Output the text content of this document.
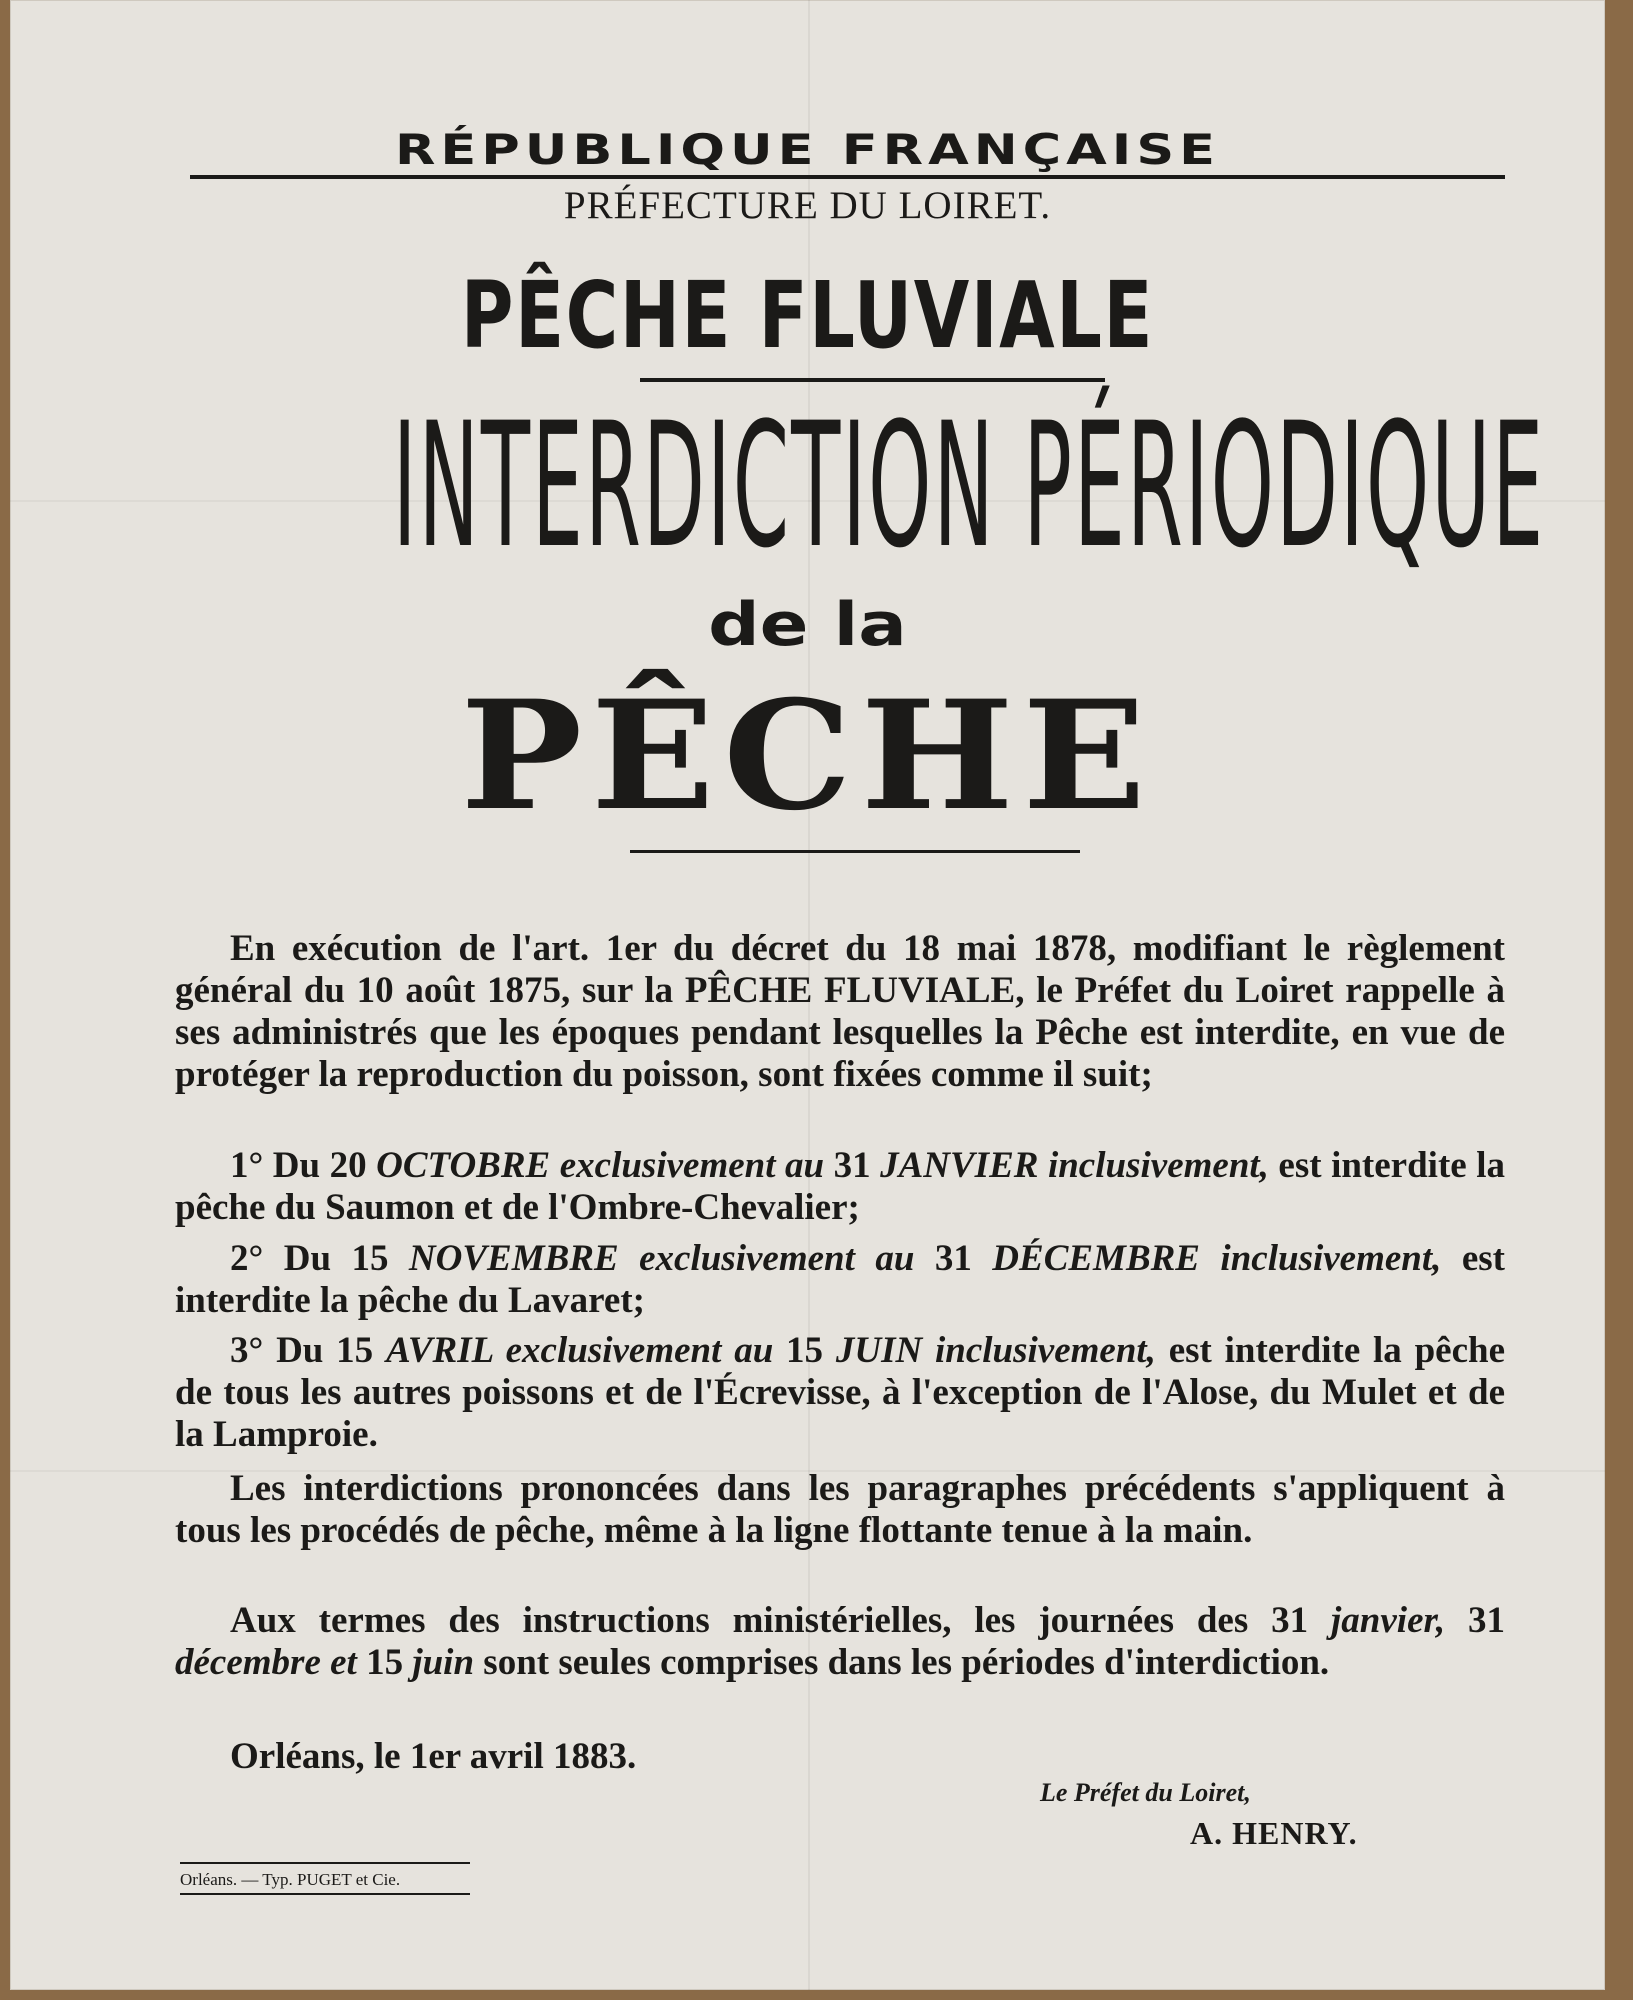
RÉPUBLIQUE FRANÇAISE
PRÉFECTURE DU LOIRET.
PÊCHE FLUVIALE
INTERDICTION PÉRIODIQUE
de la
PÊCHE
En exécution de l'art. 1er du décret du 18 mai 1878, modifiant le règlement général du 10 août 1875, sur la PÊCHE FLUVIALE, le Préfet du Loiret rappelle à ses administrés que les époques pendant lesquelles la Pêche est interdite, en vue de protéger la reproduction du poisson, sont fixées comme il suit;
1° Du 20 OCTOBRE exclusivement au 31 JANVIER inclusivement, est interdite la pêche du Saumon et de l'Ombre-Chevalier;
2° Du 15 NOVEMBRE exclusivement au 31 DÉCEMBRE inclusivement, est interdite la pêche du Lavaret;
3° Du 15 AVRIL exclusivement au 15 JUIN inclusivement, est interdite la pêche de tous les autres poissons et de l'Écrevisse, à l'exception de l'Alose, du Mulet et de la Lamproie.
Les interdictions prononcées dans les paragraphes précédents s'appliquent à tous les procédés de pêche, même à la ligne flottante tenue à la main.
Aux termes des instructions ministérielles, les journées des 31 janvier, 31 décembre et 15 juin sont seules comprises dans les périodes d'interdiction.
Orléans, le 1er avril 1883.
Le Préfet du Loiret,
A. HENRY.
Orléans. — Typ. PUGET et Cie.
